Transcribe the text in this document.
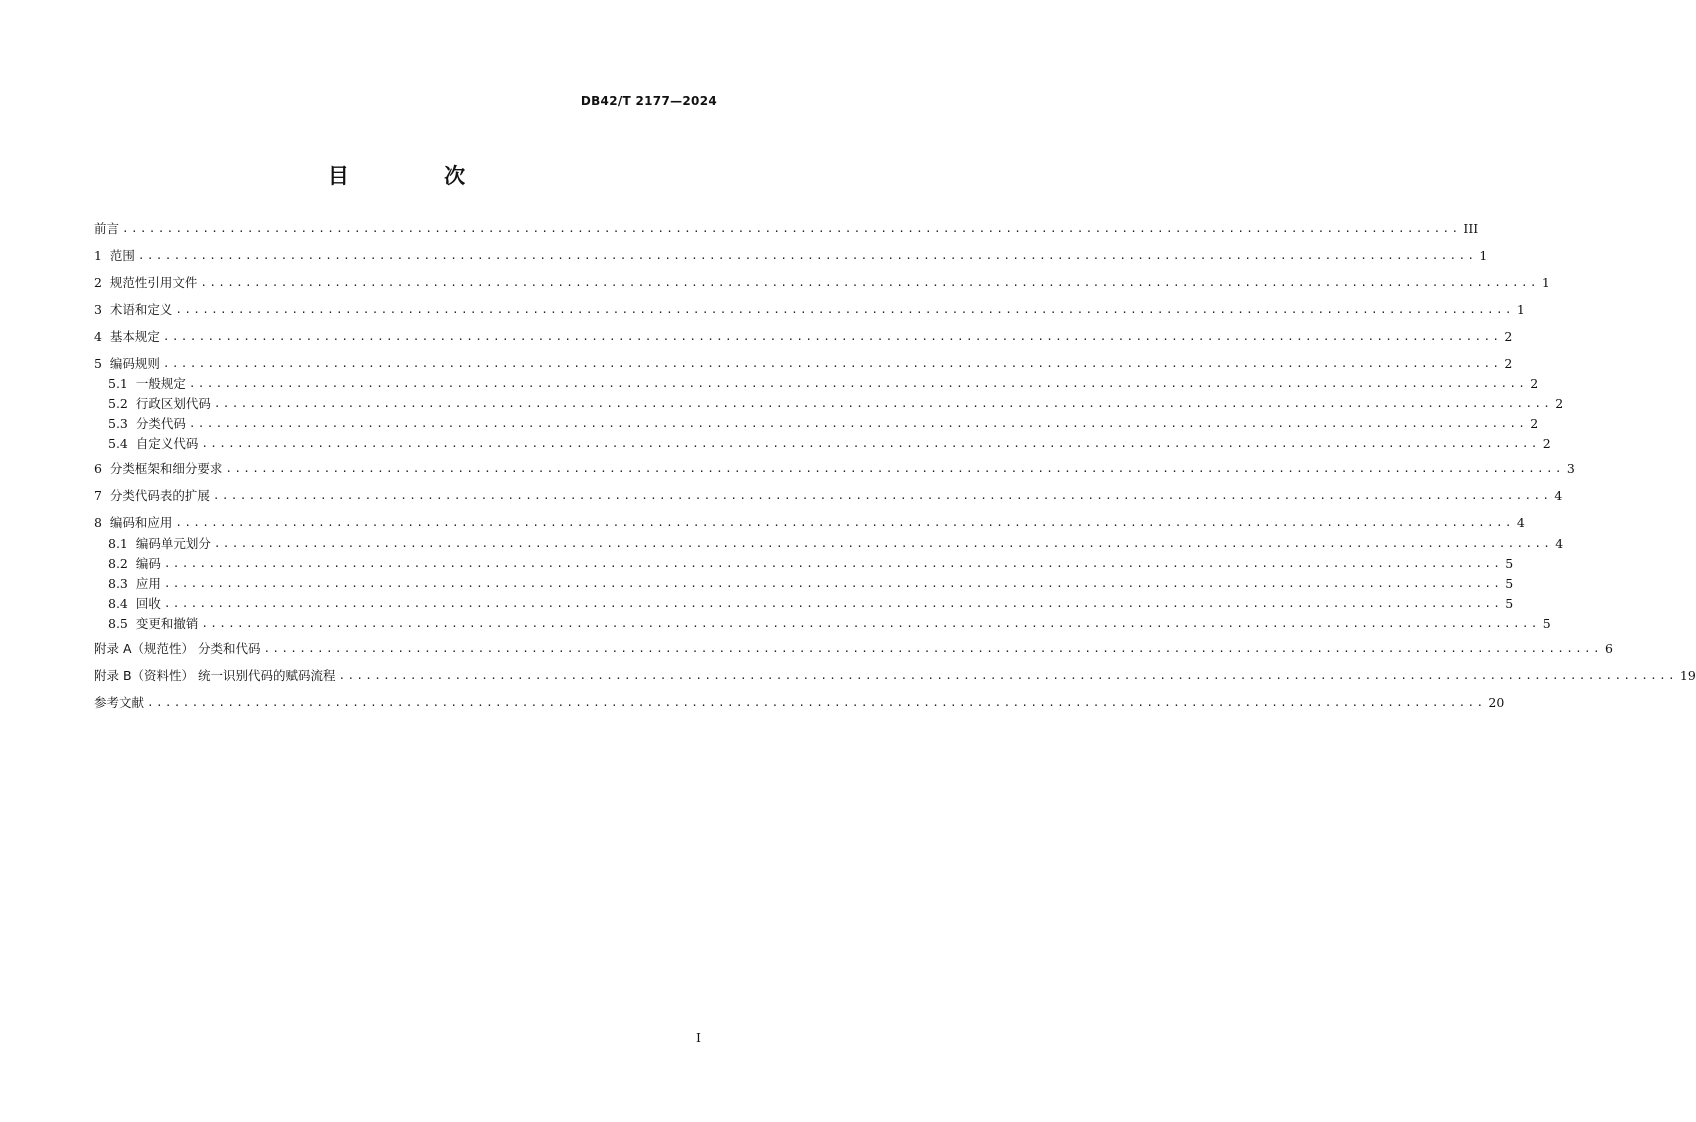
DB42/T 2177—2024
目 次
前言 ...................................................................................................................................................... III
1 范围 ...................................................................................................................................................... 1
2 规范性引用文件 ...................................................................................................................................................... 1
3 术语和定义 ...................................................................................................................................................... 1
4 基本规定 ...................................................................................................................................................... 2
5 编码规则 ...................................................................................................................................................... 2
5.1 一般规定 ...................................................................................................................................................... 2
5.2 行政区划代码 ...................................................................................................................................................... 2
5.3 分类代码 ...................................................................................................................................................... 2
5.4 自定义代码 ...................................................................................................................................................... 2
6 分类框架和细分要求 ...................................................................................................................................................... 3
7 分类代码表的扩展 ...................................................................................................................................................... 4
8 编码和应用 ...................................................................................................................................................... 4
8.1 编码单元划分 ...................................................................................................................................................... 4
8.2 编码 ...................................................................................................................................................... 5
8.3 应用 ...................................................................................................................................................... 5
8.4 回收 ...................................................................................................................................................... 5
8.5 变更和撤销 ...................................................................................................................................................... 5
附录 A（规范性） 分类和代码 ...................................................................................................................................................... 6
附录 B（资料性） 统一识别代码的赋码流程 ...................................................................................................................................................... 19
参考文献 ...................................................................................................................................................... 20
I
